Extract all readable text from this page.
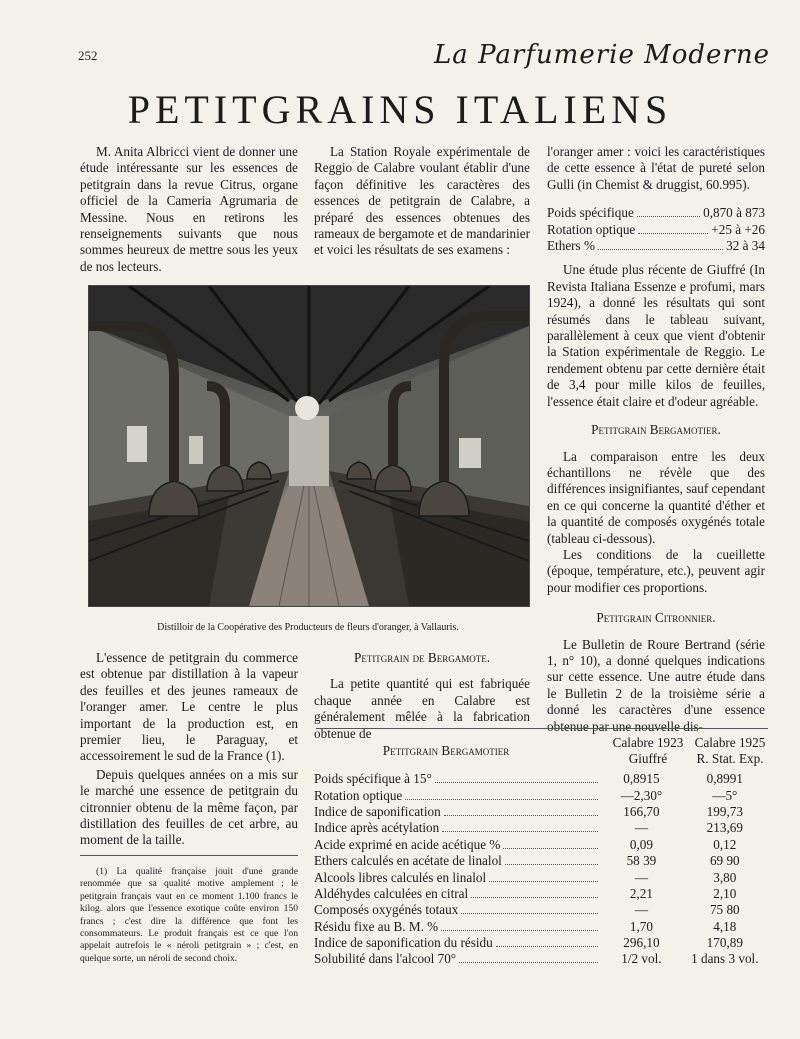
252	La Parfumerie Moderne
PETITGRAINS ITALIENS

M. Anita Albricci vient de donner une étude intéressante sur les essences de petitgrain dans la revue Citrus, organe officiel de la Cameria Agrumaria de Messine. Nous en retirons les renseignements suivants que nous sommes heureux de mettre sous les yeux de nos lecteurs.

La Station Royale expérimentale de Reggio de Calabre voulant établir d'une façon définitive les caractères des essences de petitgrain de Calabre, a préparé des essences obtenues des rameaux de bergamote et de mandarinier et voici les résultats de ses examens :

l'oranger amer : voici les caractéristiques de cette essence à l'état de pureté selon Gulli (in Chemist & druggist, 60.995).

Poids spécifique	0,870 à 873
Rotation optique	+25 à +26
Ethers %	32 à 34

Une étude plus récente de Giuffré (In Revista Italiana Essenze e profumi, mars 1924), a donné les résultats qui sont résumés dans le tableau suivant, parallèlement à ceux que vient d'obtenir la Station expérimentale de Reggio. Le rendement obtenu par cette dernière était de 3,4 pour mille kilos de feuilles, l'essence était claire et d'odeur agréable.

Petitgrain Bergamotier.

La comparaison entre les deux échantillons ne révèle que des différences insignifiantes, sauf cependant en ce qui concerne la quantité d'éther et la quantité de composés oxygénés totale (tableau ci-dessous).

Les conditions de la cueillette (époque, température, etc.), peuvent agir pour modifier ces proportions.

Petitgrain Citronnier.

Le Bulletin de Roure Bertrand (série 1, n° 10), a donné quelques indications sur cette essence. Une autre étude dans le Bulletin 2 de la troisième série a donné les caractères d'une essence obtenue par une nouvelle dis-

Distilloir de la Coopérative des Producteurs de fleurs d'oranger, à Vallauris.

L'essence de petitgrain du commerce est obtenue par distillation à la vapeur des feuilles et des jeunes rameaux de l'oranger amer. Le centre le plus important de la production est, en premier lieu, le Paraguay, et accessoirement le sud de la France (1).

Depuis quelques années on a mis sur le marché une essence de petitgrain du citronnier obtenu de la même façon, par distillation des feuilles de cet arbre, au moment de la taille.

(1) La qualité française jouit d'une grande renommée que sa qualité motive amplement ; le petitgrain français vaut en ce moment 1.100 francs le kilog. alors que l'essence exotique coûte environ 150 francs ; c'est dire la différence que font les consommateurs. Le produit français est ce que l'on appelait autrefois le « néroli petitgrain » ; c'est, en quelque sorte, un néroli de second choix.

Petitgrain de Bergamote.

La petite quantité qui est fabriquée chaque année en Calabre est généralement mêlée à la fabrication obtenue de

Petitgrain Bergamotier
Calabre 1923
Giuffré
Calabre 1925
R. Stat. Exp.
Poids spécifique à 15°	0,8915	0,8991

Rotation optique	—2,30°	—5°

Indice de saponification	166,70	199,73

Indice après acétylation	—	213,69

Acide exprimé en acide acétique %	0,09	0,12

Ethers calculés en acétate de linalol	58 39	69 90

Alcools libres calculés en linalol	—	3,80

Aldéhydes calculées en citral	2,21	2,10

Composés oxygénés totaux	—	75 80

Résidu fixe au B. M. %	1,70	4,18

Indice de saponification du résidu	296,10	170,89

Solubilité dans l'alcool 70°	1/2 vol.	1 dans 3 vol.
